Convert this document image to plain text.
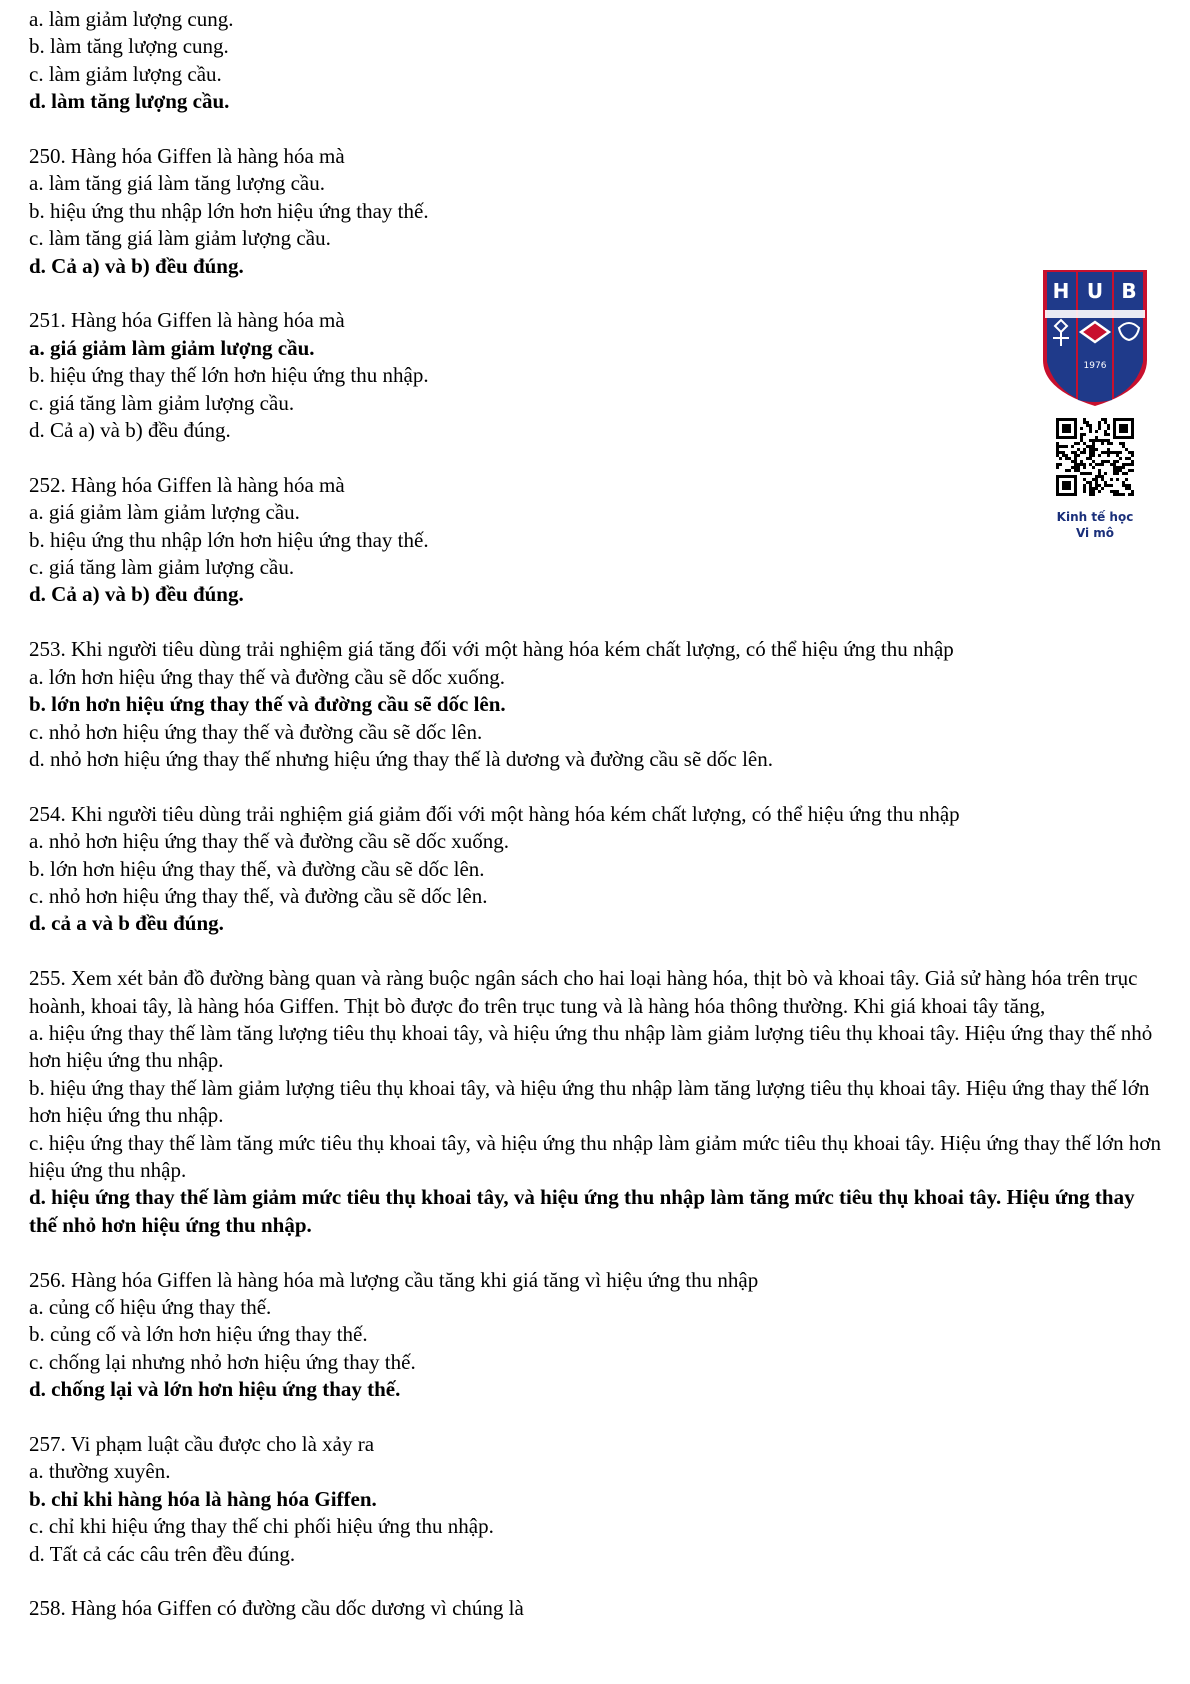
a. làm giảm lượng cung.
b. làm tăng lượng cung.
c. làm giảm lượng cầu.
d. làm tăng lượng cầu.
250. Hàng hóa Giffen là hàng hóa mà
a. làm tăng giá làm tăng lượng cầu.
b. hiệu ứng thu nhập lớn hơn hiệu ứng thay thế.
c. làm tăng giá làm giảm lượng cầu.
d. Cả a) và b) đều đúng.
251. Hàng hóa Giffen là hàng hóa mà
a. giá giảm làm giảm lượng cầu.
b. hiệu ứng thay thế lớn hơn hiệu ứng thu nhập.
c. giá tăng làm giảm lượng cầu.
d. Cả a) và b) đều đúng.
252. Hàng hóa Giffen là hàng hóa mà
a. giá giảm làm giảm lượng cầu.
b. hiệu ứng thu nhập lớn hơn hiệu ứng thay thế.
c. giá tăng làm giảm lượng cầu.
d. Cả a) và b) đều đúng.
253. Khi người tiêu dùng trải nghiệm giá tăng đối với một hàng hóa kém chất lượng, có thể hiệu ứng thu nhập
a. lớn hơn hiệu ứng thay thế và đường cầu sẽ dốc xuống.
b. lớn hơn hiệu ứng thay thế và đường cầu sẽ dốc lên.
c. nhỏ hơn hiệu ứng thay thế và đường cầu sẽ dốc lên.
d. nhỏ hơn hiệu ứng thay thế nhưng hiệu ứng thay thế là dương và đường cầu sẽ dốc lên.
254. Khi người tiêu dùng trải nghiệm giá giảm đối với một hàng hóa kém chất lượng, có thể hiệu ứng thu nhập
a. nhỏ hơn hiệu ứng thay thế và đường cầu sẽ dốc xuống.
b. lớn hơn hiệu ứng thay thế, và đường cầu sẽ dốc lên.
c. nhỏ hơn hiệu ứng thay thế, và đường cầu sẽ dốc lên.
d. cả a và b đều đúng.
255. Xem xét bản đồ đường bàng quan và ràng buộc ngân sách cho hai loại hàng hóa, thịt bò và khoai tây. Giả sử hàng hóa trên trục hoành, khoai tây, là hàng hóa Giffen. Thịt bò được đo trên trục tung và là hàng hóa thông thường. Khi giá khoai tây tăng,
a. hiệu ứng thay thế làm tăng lượng tiêu thụ khoai tây, và hiệu ứng thu nhập làm giảm lượng tiêu thụ khoai tây. Hiệu ứng thay thế nhỏ hơn hiệu ứng thu nhập.
b. hiệu ứng thay thế làm giảm lượng tiêu thụ khoai tây, và hiệu ứng thu nhập làm tăng lượng tiêu thụ khoai tây. Hiệu ứng thay thế lớn hơn hiệu ứng thu nhập.
c. hiệu ứng thay thế làm tăng mức tiêu thụ khoai tây, và hiệu ứng thu nhập làm giảm mức tiêu thụ khoai tây. Hiệu ứng thay thế lớn hơn hiệu ứng thu nhập.
d. hiệu ứng thay thế làm giảm mức tiêu thụ khoai tây, và hiệu ứng thu nhập làm tăng mức tiêu thụ khoai tây. Hiệu ứng thay thế nhỏ hơn hiệu ứng thu nhập.
256. Hàng hóa Giffen là hàng hóa mà lượng cầu tăng khi giá tăng vì hiệu ứng thu nhập
a. củng cố hiệu ứng thay thế.
b. củng cố và lớn hơn hiệu ứng thay thế.
c. chống lại nhưng nhỏ hơn hiệu ứng thay thế.
d. chống lại và lớn hơn hiệu ứng thay thế.
257. Vi phạm luật cầu được cho là xảy ra
a. thường xuyên.
b. chỉ khi hàng hóa là hàng hóa Giffen.
c. chỉ khi hiệu ứng thay thế chi phối hiệu ứng thu nhập.
d. Tất cả các câu trên đều đúng.
258. Hàng hóa Giffen có đường cầu dốc dương vì chúng là
H U B
1976
Kinh tế học
Vi mô
